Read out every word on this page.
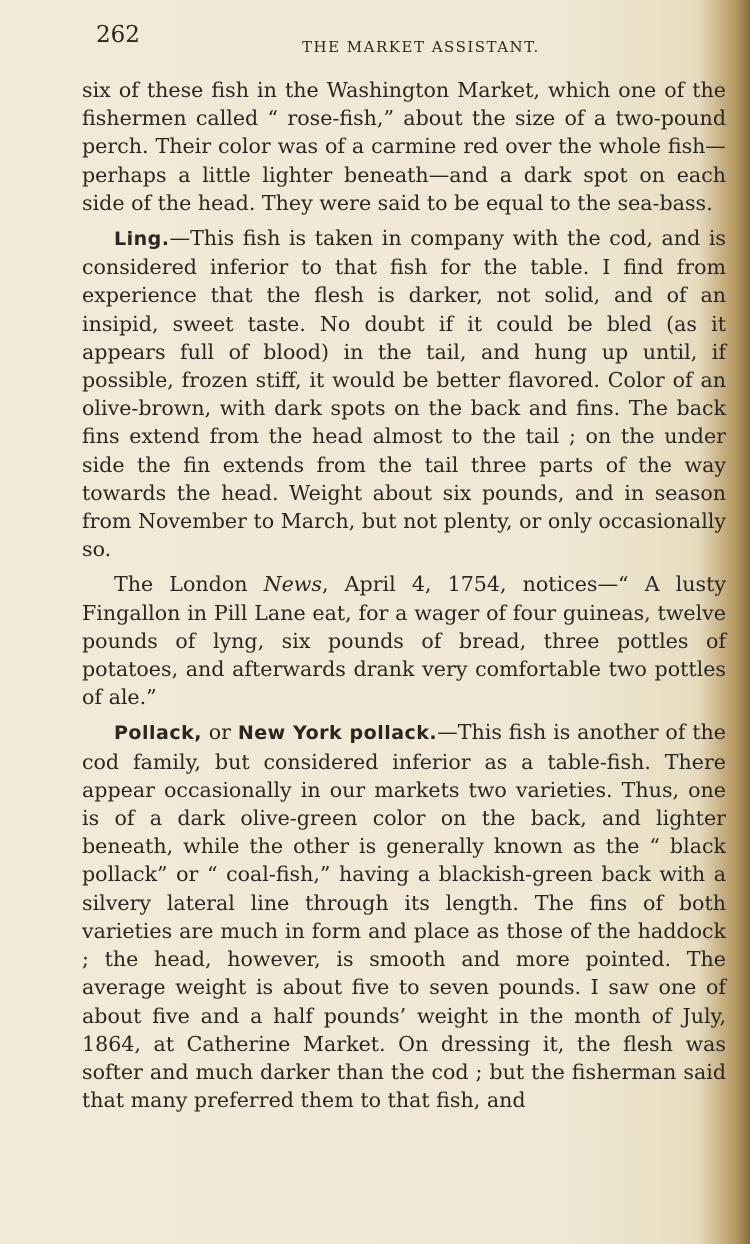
262	THE MARKET ASSISTANT.

six of these fish in the Washington Market, which one of the fishermen called “ rose-fish,” about the size of a two-pound perch. Their color was of a carmine red over the whole fish—perhaps a little lighter beneath—and a dark spot on each side of the head. They were said to be equal to the sea-bass.

Ling.—This fish is taken in company with the cod, and is considered inferior to that fish for the table. I find from experience that the flesh is darker, not solid, and of an insipid, sweet taste. No doubt if it could be bled (as it appears full of blood) in the tail, and hung up until, if possible, frozen stiff, it would be better flavored. Color of an olive-brown, with dark spots on the back and fins. The back fins extend from the head almost to the tail ; on the under side the fin extends from the tail three parts of the way towards the head. Weight about six pounds, and in season from November to March, but not plenty, or only occasionally so.

The London News, April 4, 1754, notices—“ A lusty Fingallon in Pill Lane eat, for a wager of four guineas, twelve pounds of lyng, six pounds of bread, three pottles of potatoes, and afterwards drank very comfortable two pottles of ale.”

Pollack, or New York pollack.—This fish is another of the cod family, but considered inferior as a table-fish. There appear occasionally in our markets two varieties. Thus, one is of a dark olive-green color on the back, and lighter beneath, while the other is generally known as the “ black pollack” or “ coal-fish,” having a blackish-green back with a silvery lateral line through its length. The fins of both varieties are much in form and place as those of the haddock ; the head, however, is smooth and more pointed. The average weight is about five to seven pounds. I saw one of about five and a half pounds’ weight in the month of July, 1864, at Catherine Market. On dressing it, the flesh was softer and much darker than the cod ; but the fisherman said that many preferred them to that fish, and
